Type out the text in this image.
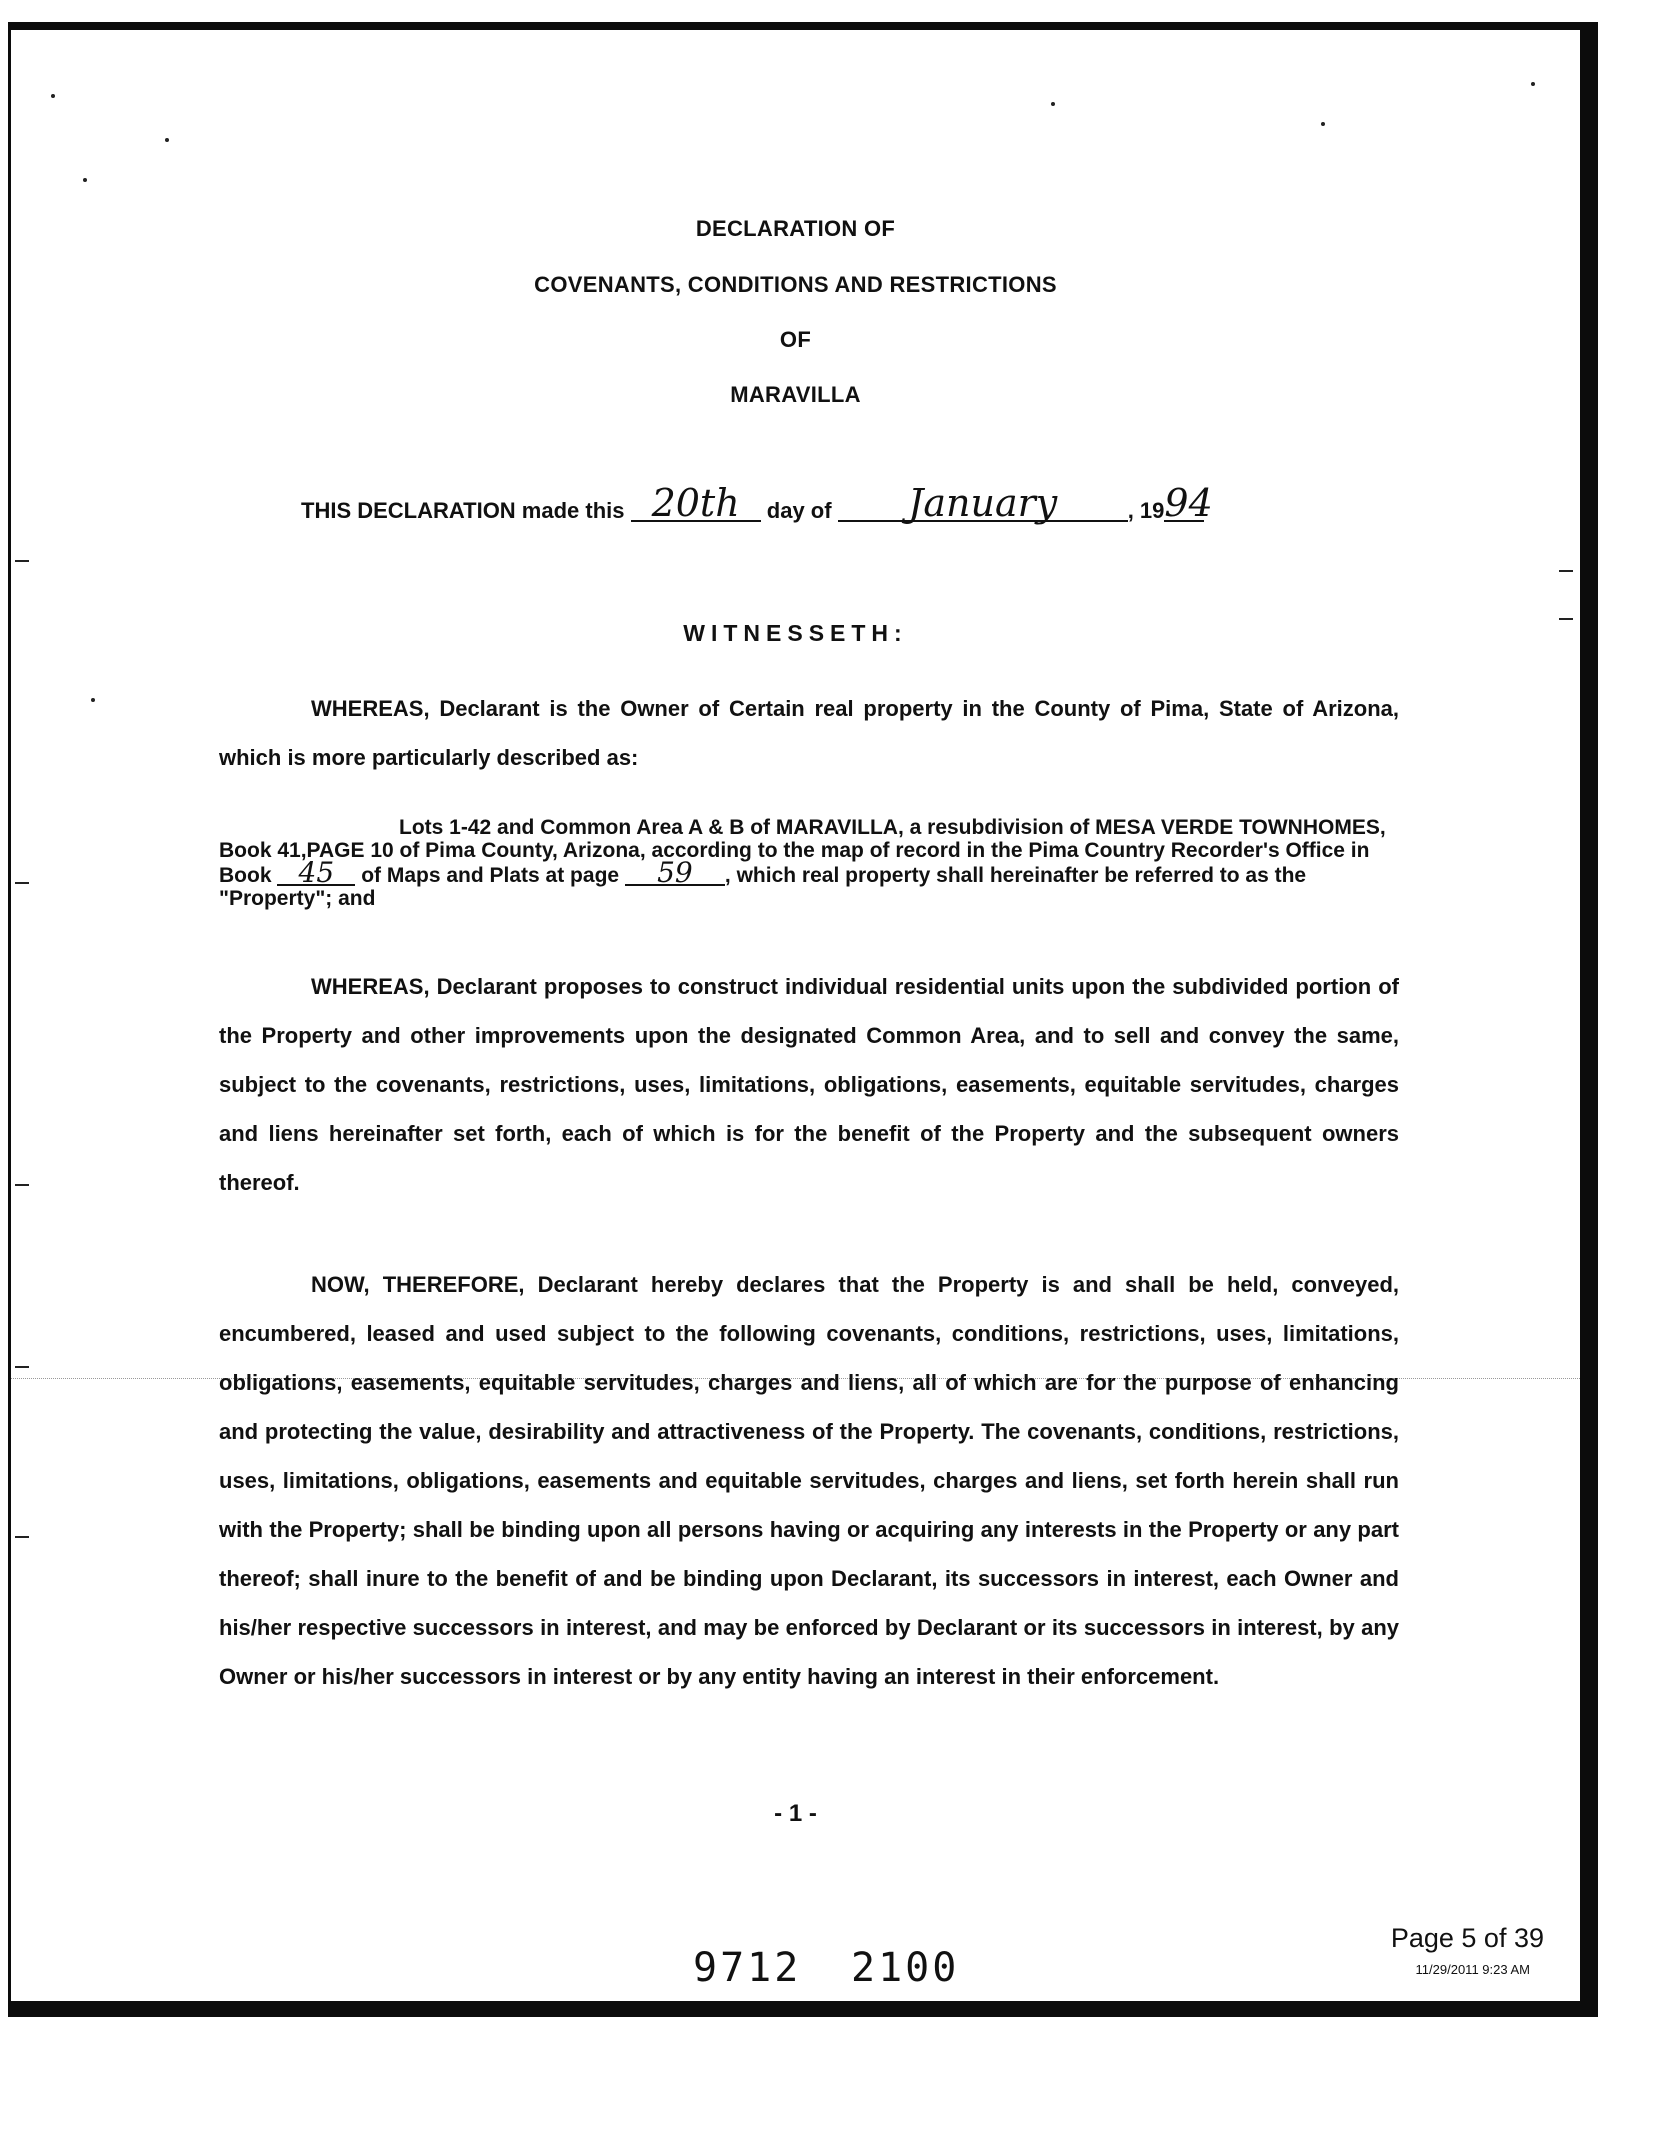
DECLARATION OF
COVENANTS, CONDITIONS AND RESTRICTIONS
OF
MARAVILLA
THIS DECLARATION made this 20th day of January	, 1994
WITNESSETH:
WHEREAS, Declarant is the Owner of Certain real property in the County of Pima, State of Arizona, which is more particularly described as:
Lots 1-42 and Common Area A & B of MARAVILLA, a resubdivision of MESA VERDE TOWNHOMES, Book 41,PAGE 10 of Pima County, Arizona, according to the map of record in the Pima Country Recorder's Office in Book 45 of Maps and Plats at page 59 , which real property shall hereinafter be referred to as the "Property"; and
WHEREAS, Declarant proposes to construct individual residential units upon the subdivided portion of the Property and other improvements upon the designated Common Area, and to sell and convey the same, subject to the covenants, restrictions, uses, limitations, obligations, easements, equitable servitudes, charges and liens hereinafter set forth, each of which is for the benefit of the Property and the subsequent owners thereof.
NOW, THEREFORE, Declarant hereby declares that the Property is and shall be held, conveyed, encumbered, leased and used subject to the following covenants, conditions, restrictions, uses, limitations, obligations, easements, equitable servitudes, charges and liens, all of which are for the purpose of enhancing and protecting the value, desirability and attractiveness of the Property. The covenants, conditions, restrictions, uses, limitations, obligations, easements and equitable servitudes, charges and liens, set forth herein shall run with the Property; shall be binding upon all persons having or acquiring any interests in the Property or any part thereof; shall inure to the benefit of and be binding upon Declarant, its successors in interest, each Owner and his/her respective successors in interest, and may be enforced by Declarant or its successors in interest, by any Owner or his/her successors in interest or by any entity having an interest in their enforcement.
- 1 -
9712 2100
Page 5 of 39
11/29/2011 9:23 AM
